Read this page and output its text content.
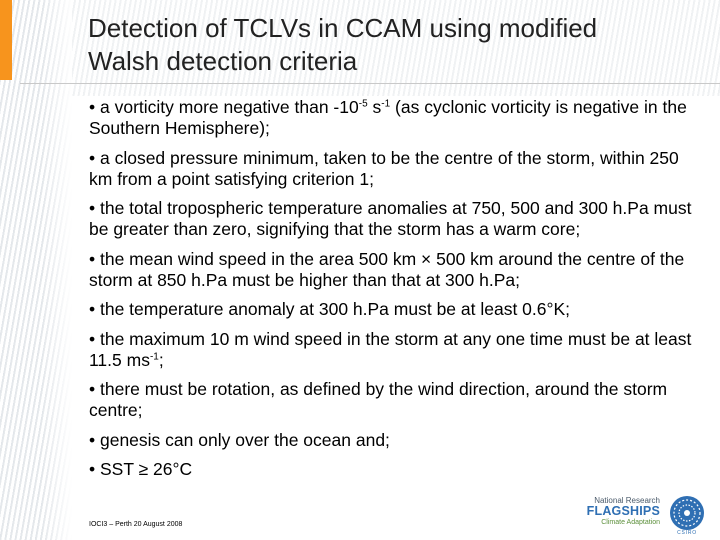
Detection of TCLVs in CCAM using modified
Walsh detection criteria
• a vorticity more negative than $-10^{-5}$ $s^{-1}$ (as cyclonic vorticity is negative in the Southern Hemisphere);
• a closed pressure minimum, taken to be the centre of the storm, within 250 km from a point satisfying criterion 1;
• the total tropospheric temperature anomalies at 750, 500 and 300 h.Pa must be greater than zero, signifying that the storm has a warm core;
• the mean wind speed in the area 500 km × 500 km around the centre of the storm at 850 h.Pa must be higher than that at 300 h.Pa;
• the temperature anomaly at 300 h.Pa must be at least 0.6°K;
• the maximum 10 m wind speed in the storm at any one time must be at least 11.5 $ms^{-1}$;
• there must be rotation, as defined by the wind direction, around the storm centre;
• genesis can only over the ocean and;
• SST ≥ 26°C
IOCI3 – Perth 20 August 2008
National Research
FLAGSHIPS
Climate Adaptation
CSIRO
